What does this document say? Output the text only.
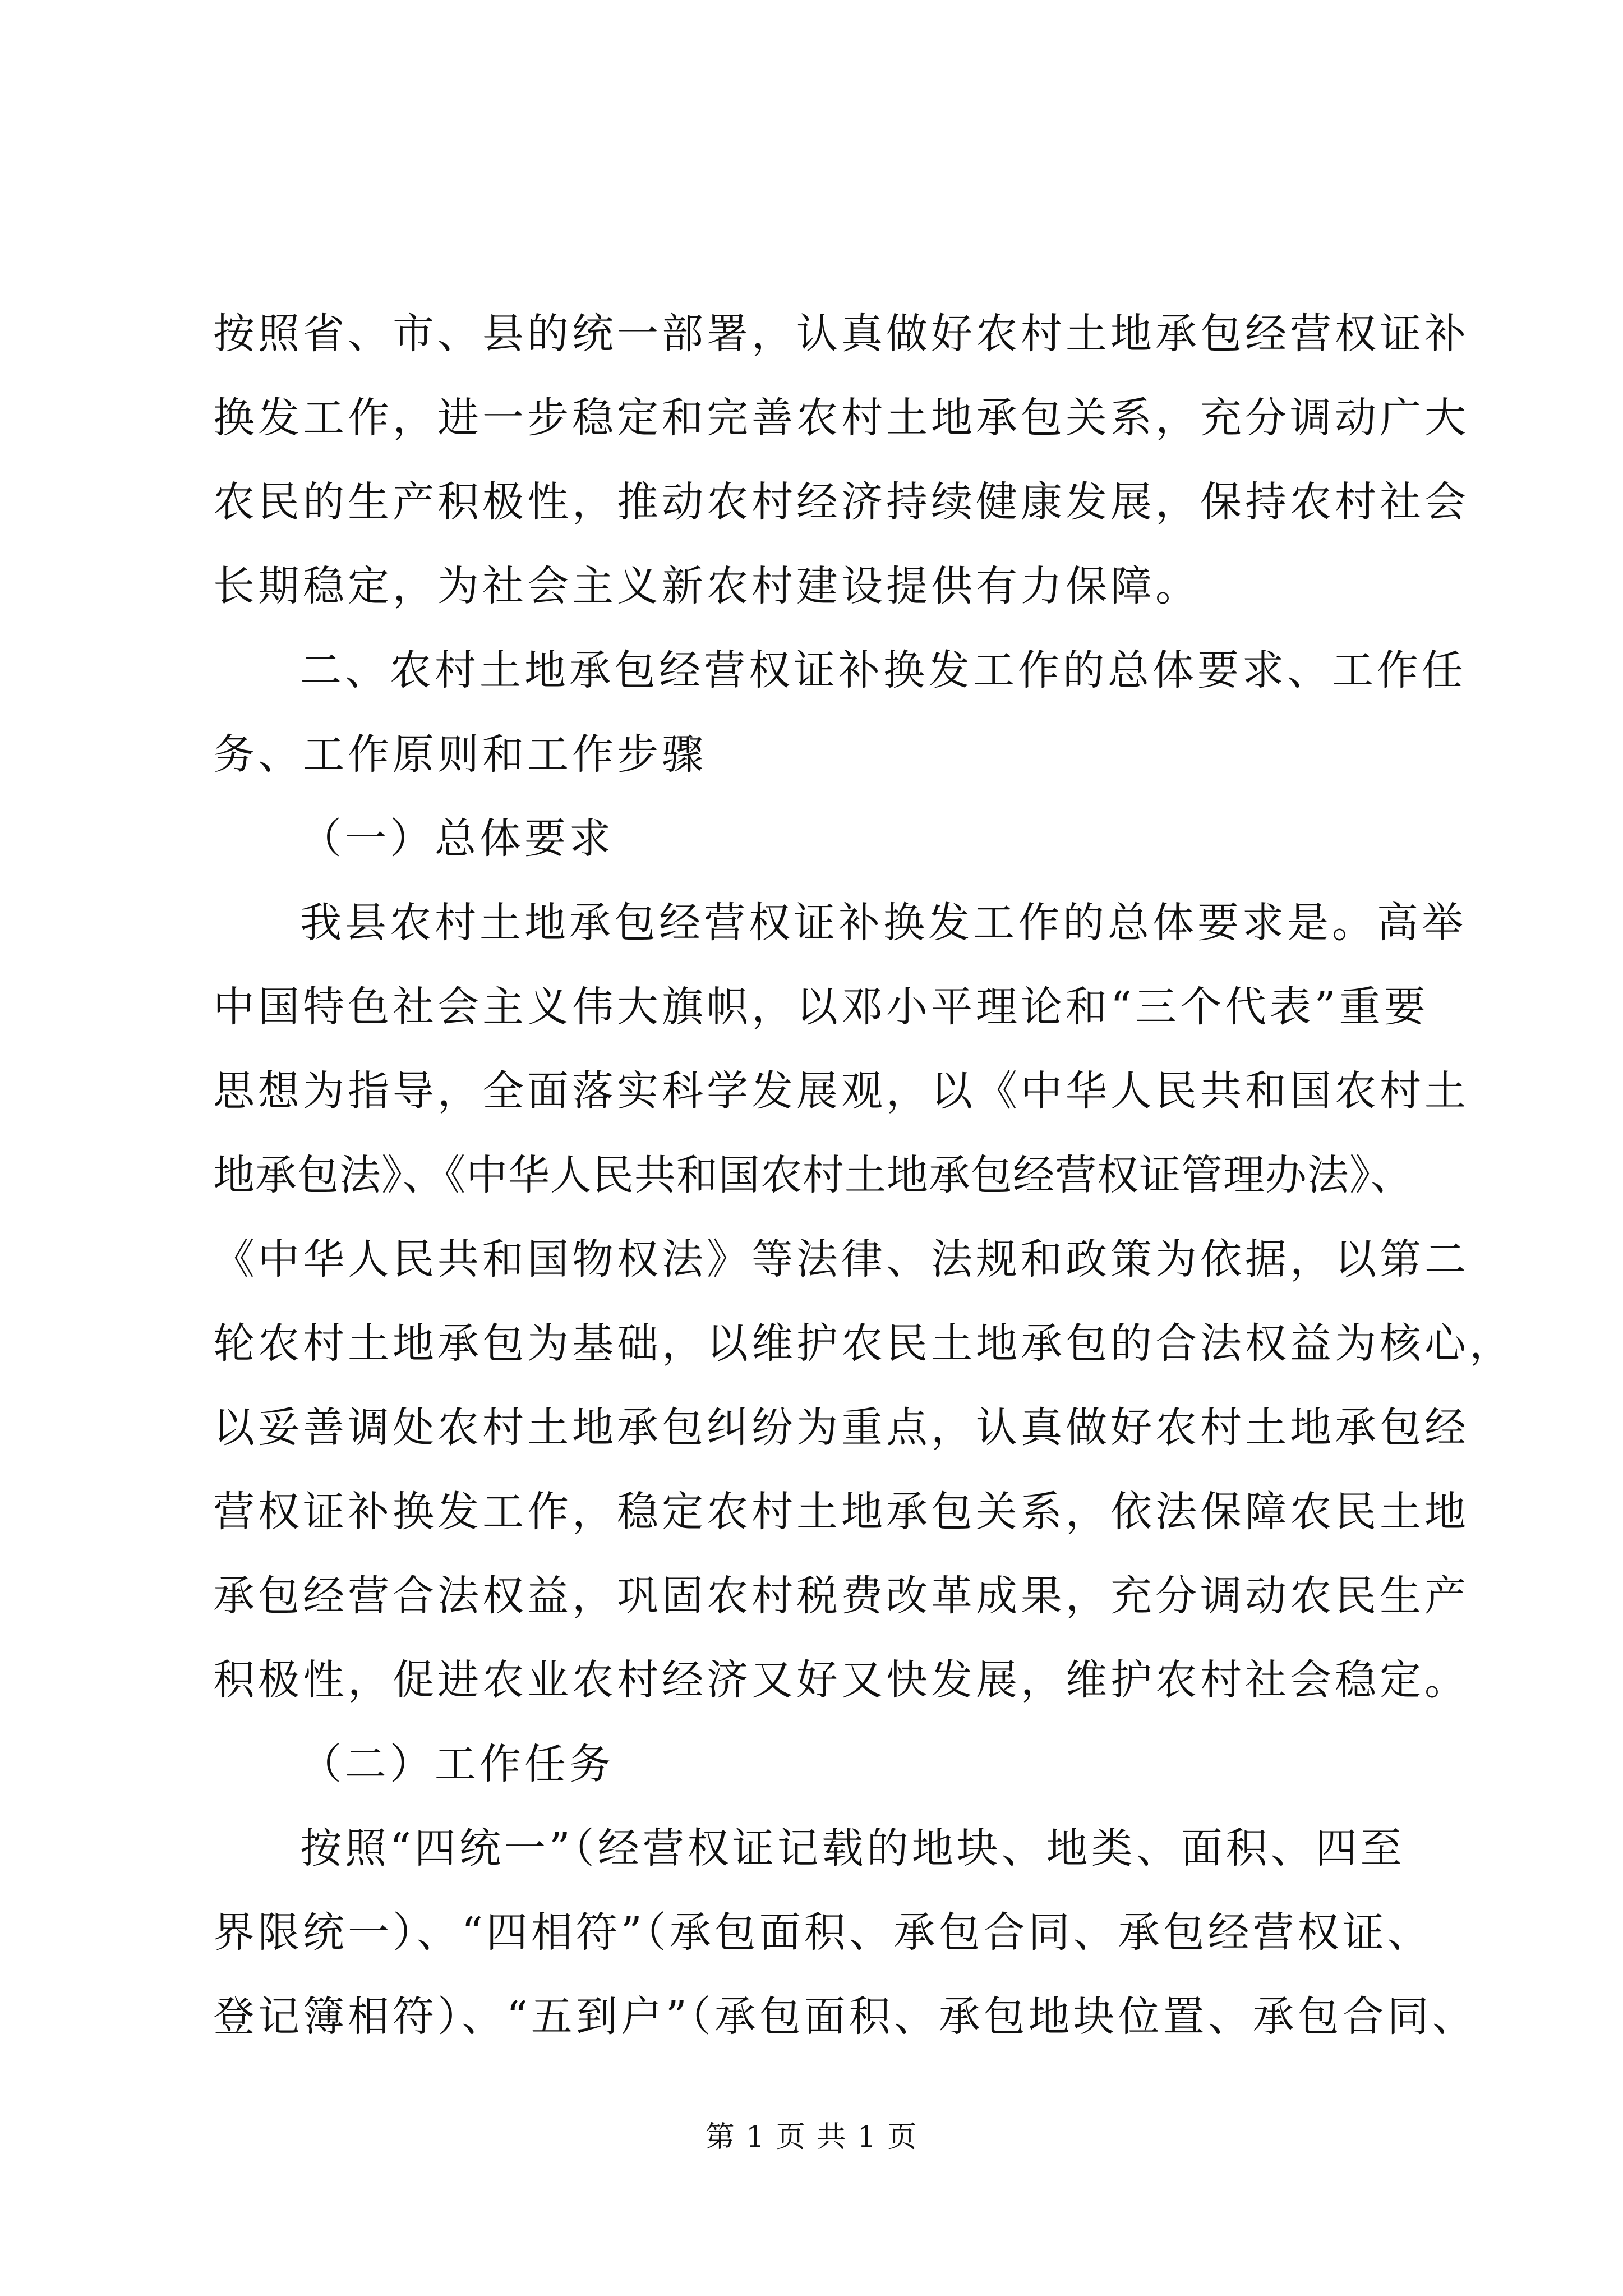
按照省、市、县的统一部署，认真做好农村土地承包经营权证补
换发工作，进一步稳定和完善农村土地承包关系，充分调动广大
农民的生产积极性，推动农村经济持续健康发展，保持农村社会
长期稳定，为社会主义新农村建设提供有力保障。
二、农村土地承包经营权证补换发工作的总体要求、工作任
务、工作原则和工作步骤
（一）总体要求
我县农村土地承包经营权证补换发工作的总体要求是。高举
中国特色社会主义伟大旗帜，以邓小平理论和“三个代表”重要
思想为指导，全面落实科学发展观，以《中华人民共和国农村土
地承包法》、《中华人民共和国农村土地承包经营权证管理办法》、
《中华人民共和国物权法》等法律、法规和政策为依据，以第二
轮农村土地承包为基础，以维护农民土地承包的合法权益为核心，
以妥善调处农村土地承包纠纷为重点，认真做好农村土地承包经
营权证补换发工作，稳定农村土地承包关系，依法保障农民土地
承包经营合法权益，巩固农村税费改革成果，充分调动农民生产
积极性，促进农业农村经济又好又快发展，维护农村社会稳定。
（二）工作任务
按照“四统一”（经营权证记载的地块、地类、面积、四至
界限统一）、“四相符”（承包面积、承包合同、承包经营权证、
登记簿相符）、“五到户”（承包面积、承包地块位置、承包合同、
第 1 页 共 1 页
